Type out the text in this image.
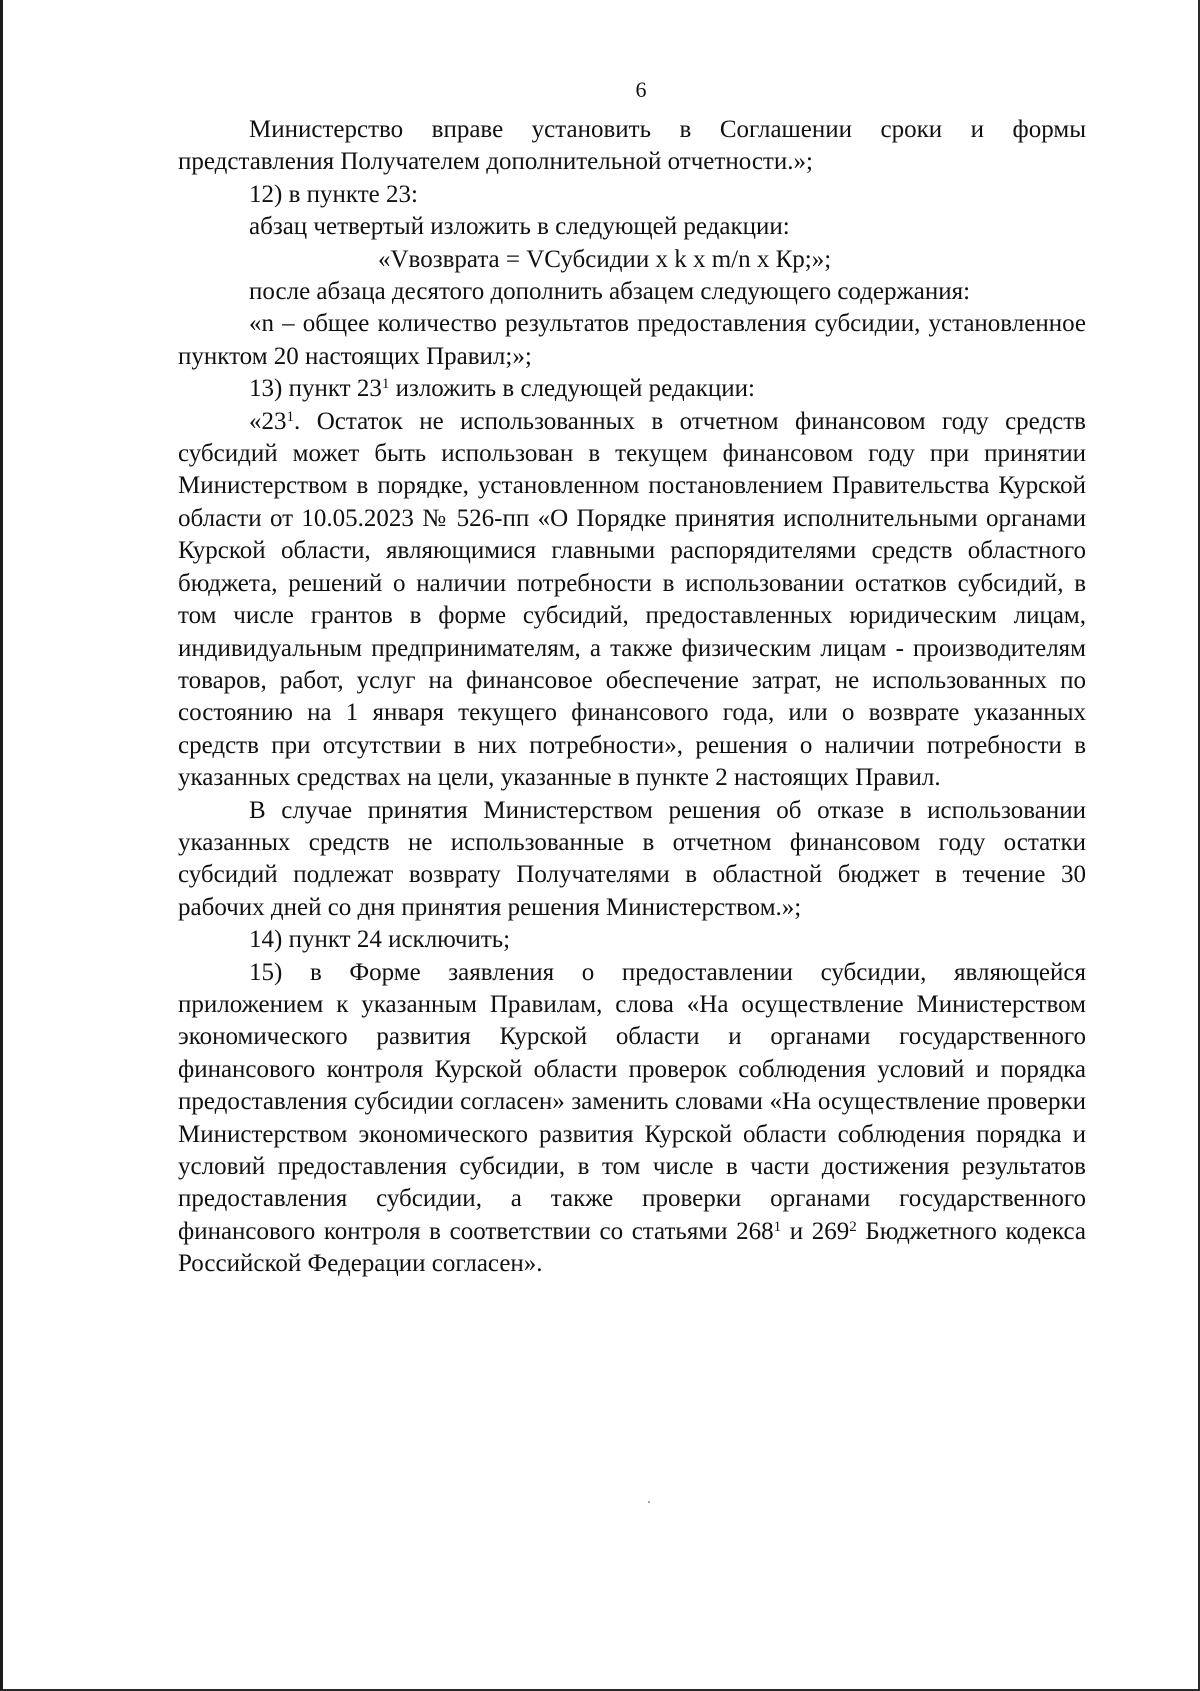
6

Министерство вправе установить в Соглашении сроки и формы представления Получателем дополнительной отчетности.»;

12) в пункте 23:

абзац четвертый изложить в следующей редакции:

«Vвозврата = VСубсидии x k x m/n x Кр;»;

после абзаца десятого дополнить абзацем следующего содержания:

«n – общее количество результатов предоставления субсидии, установленное пунктом 20 настоящих Правил;»;

13) пункт $23^1$ изложить в следующей редакции:

«$23^1$. Остаток не использованных в отчетном финансовом году средств субсидий может быть использован в текущем финансовом году при принятии Министерством в порядке, установленном постановлением Правительства Курской области от 10.05.2023 № 526-пп «О Порядке принятия исполнительными органами Курской области, являющимися главными распорядителями средств областного бюджета, решений о наличии потребности в использовании остатков субсидий, в том числе грантов в форме субсидий, предоставленных юридическим лицам, индивидуальным предпринимателям, а также физическим лицам - производителям товаров, работ, услуг на финансовое обеспечение затрат, не использованных по состоянию на 1 января текущего финансового года, или о возврате указанных средств при отсутствии в них потребности», решения о наличии потребности в указанных средствах на цели, указанные в пункте 2 настоящих Правил.

В случае принятия Министерством решения об отказе в использовании указанных средств не использованные в отчетном финансовом году остатки субсидий подлежат возврату Получателями в областной бюджет в течение 30 рабочих дней со дня принятия решения Министерством.»;

14) пункт 24 исключить;

15) в Форме заявления о предоставлении субсидии, являющейся приложением к указанным Правилам, слова «На осуществление Министерством экономического развития Курской области и органами государственного финансового контроля Курской области проверок соблюдения условий и порядка предоставления субсидии согласен» заменить словами «На осуществление проверки Министерством экономического развития Курской области соблюдения порядка и условий предоставления субсидии, в том числе в части достижения результатов предоставления субсидии, а также проверки органами государственного финансового контроля в соответствии со статьями $268^1$ и $269^2$ Бюджетного кодекса Российской Федерации согласен».
